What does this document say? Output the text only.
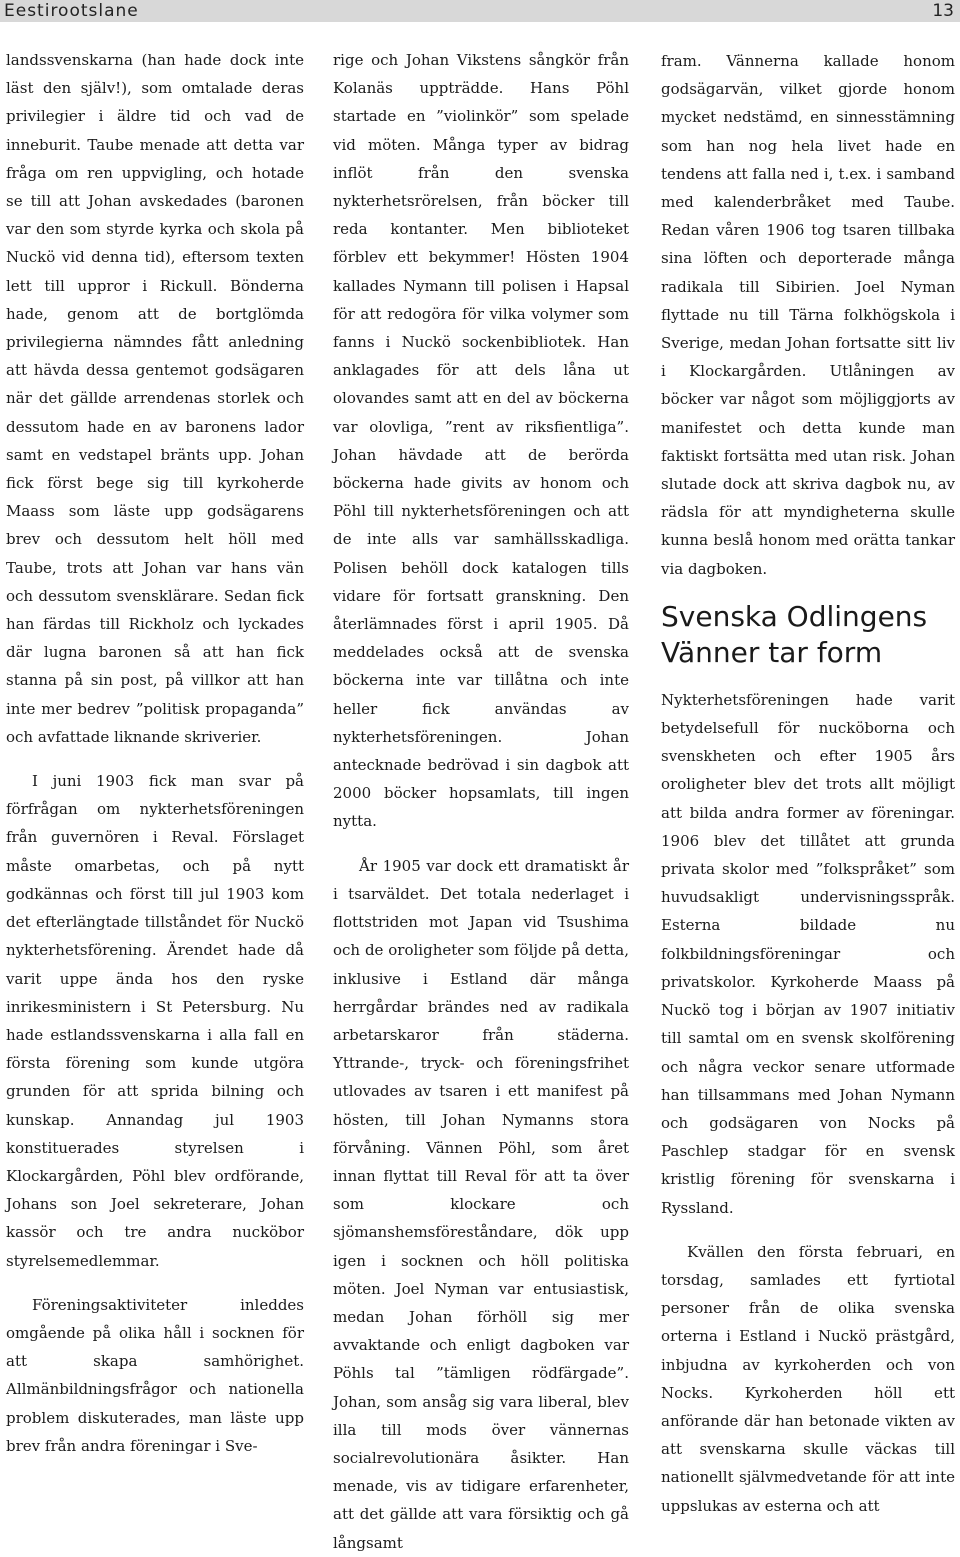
Eestirootslane	13

landssvenskarna (han hade dock inte läst den själv!), som omtalade deras privilegier i äldre tid och vad de inneburit. Taube menade att detta var fråga om ren uppvigling, och hotade se till att Johan avskedades (baronen var den som styrde kyrka och skola på Nuckö vid denna tid), eftersom texten lett till uppror i Rickull. Bönderna hade, genom att de bortglömda privilegierna nämndes fått anledning att hävda dessa gentemot godsägaren när det gällde arrendenas storlek och dessutom hade en av baronens lador samt en vedstapel bränts upp. Johan fick först bege sig till kyrkoherde Maass som läste upp godsägarens brev och dessutom helt höll med Taube, trots att Johan var hans vän och dessutom svensklärare. Sedan fick han färdas till Rickholz och lyckades där lugna baronen så att han fick stanna på sin post, på villkor att han inte mer bedrev ”politisk propaganda” och avfattade liknande skriverier.

I juni 1903 fick man svar på förfrågan om nykterhetsföreningen från guvernören i Reval. Förslaget måste omarbetas, och på nytt godkännas och först till jul 1903 kom det efterlängtade tillståndet för Nuckö nykterhetsförening. Ärendet hade då varit uppe ända hos den ryske inrikesministern i St Petersburg. Nu hade estlandssvenskarna i alla fall en första förening som kunde utgöra grunden för att sprida bilning och kunskap. Annandag jul 1903 konstituerades styrelsen i Klockargården, Pöhl blev ordförande, Johans son Joel sekreterare, Johan kassör och tre andra nucköbor styrelsemedlemmar.

Föreningsaktiviteter inleddes omgående på olika håll i socknen för att skapa samhörighet. Allmänbildningsfrågor och nationella problem diskuterades, man läste upp brev från andra föreningar i Sve-

rige och Johan Vikstens sångkör från Kolanäs uppträdde. Hans Pöhl startade en ”violinkör” som spelade vid möten. Många typer av bidrag inflöt från den svenska nykterhetsrörelsen, från böcker till reda kontanter. Men biblioteket förblev ett bekymmer! Hösten 1904 kallades Nymann till polisen i Hapsal för att redogöra för vilka volymer som fanns i Nuckö sockenbibliotek. Han anklagades för att dels låna ut olovandes samt att en del av böckerna var olovliga, ”rent av riksfientliga”. Johan hävdade att de berörda böckerna hade givits av honom och Pöhl till nykterhetsföreningen och att de inte alls var samhällsskadliga. Polisen behöll dock katalogen tills vidare för fortsatt granskning. Den återlämnades först i april 1905. Då meddelades också att de svenska böckerna inte var tillåtna och inte heller fick användas av nykterhetsföreningen. Johan antecknade bedrövad i sin dagbok att 2000 böcker hopsamlats, till ingen nytta.

År 1905 var dock ett dramatiskt år i tsarväldet. Det totala nederlaget i flottstriden mot Japan vid Tsushima och de oroligheter som följde på detta, inklusive i Estland där många herrgårdar brändes ned av radikala arbetarskaror från städerna. Yttrande-, tryck- och föreningsfrihet utlovades av tsaren i ett manifest på hösten, till Johan Nymanns stora förvåning. Vännen Pöhl, som året innan flyttat till Reval för att ta över som klockare och sjömanshemsföreståndare, dök upp igen i socknen och höll politiska möten. Joel Nyman var entusiastisk, medan Johan förhöll sig mer avvaktande och enligt dagboken var Pöhls tal ”tämligen rödfärgade”. Johan, som ansåg sig vara liberal, blev illa till mods över vännernas socialrevolutionära åsikter. Han menade, vis av tidigare erfarenheter, att det gällde att vara försiktig och gå långsamt

fram. Vännerna kallade honom godsägarvän, vilket gjorde honom mycket nedstämd, en sinnesstämning som han nog hela livet hade en tendens att falla ned i, t.ex. i samband med kalenderbråket med Taube. Redan våren 1906 tog tsaren tillbaka sina löften och deporterade många radikala till Sibirien. Joel Nyman flyttade nu till Tärna folkhögskola i Sverige, medan Johan fortsatte sitt liv i Klockargården. Utlåningen av böcker var något som möjliggjorts av manifestet och detta kunde man faktiskt fortsätta med utan risk. Johan slutade dock att skriva dagbok nu, av rädsla för att myndigheterna skulle kunna beslå honom med orätta tankar via dagboken.

Svenska Odlingens Vänner tar form

Nykterhetsföreningen hade varit betydelsefull för nucköborna och svenskheten och efter 1905 års oroligheter blev det trots allt möjligt att bilda andra former av föreningar. 1906 blev det tillåtet att grunda privata skolor med ”folkspråket” som huvudsakligt undervisningsspråk. Esterna bildade nu folkbildningsföreningar och privatskolor. Kyrkoherde Maass på Nuckö tog i början av 1907 initiativ till samtal om en svensk skolförening och några veckor senare utformade han tillsammans med Johan Nymann och godsägaren von Nocks på Paschlep stadgar för en svensk kristlig förening för svenskarna i Ryssland.

Kvällen den första februari, en torsdag, samlades ett fyrtiotal personer från de olika svenska orterna i Estland i Nuckö prästgård, inbjudna av kyrkoherden och von Nocks. Kyrkoherden höll ett anförande där han betonade vikten av att svenskarna skulle väckas till nationellt självmedvetande för att inte uppslukas av esterna och att
